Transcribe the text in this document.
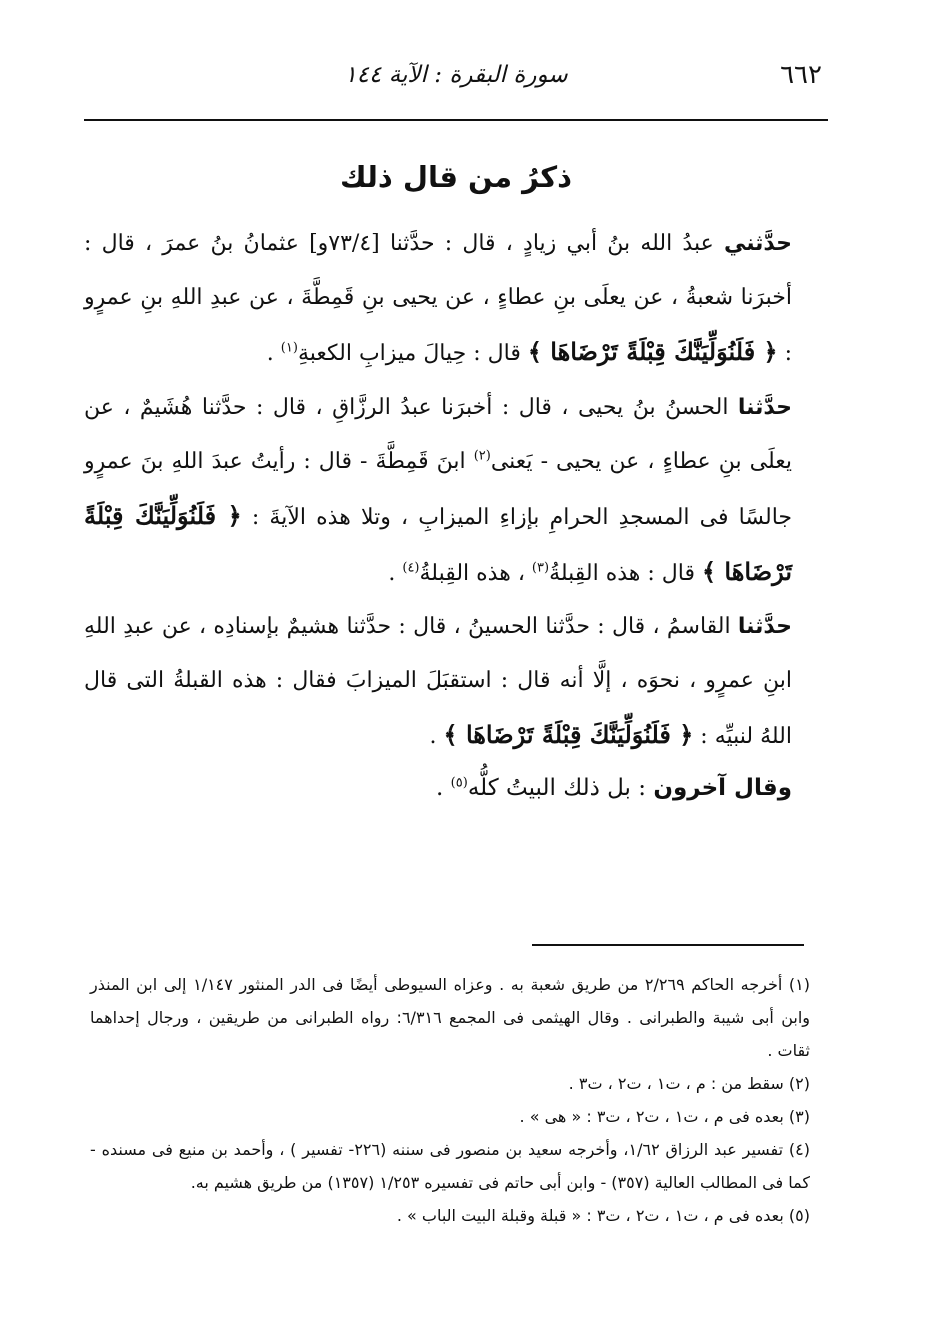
٦٦٢
سورة البقرة : الآية ١٤٤
ذكرُ من قال ذلك

حدَّثني عبدُ الله بنُ أبي زيادٍ ، قال : حدَّثنا [٧٣/٤و] عثمانُ بنُ عمرَ ، قال : أخبرَنا شعبةُ ، عن يعلَى بنِ عطاءٍ ، عن يحيى بنِ قَمِطَّةَ ، عن عبدِ اللهِ بنِ عمرٍو : ﴿ فَلَنُوَلِّيَنَّكَ قِبْلَةً تَرْضَاهَا ﴾ قال : حِيالَ ميزابِ الكعبةِ$^{(١)}$ .

حدَّثنا الحسنُ بنُ يحيى ، قال : أخبرَنا عبدُ الرزَّاقِ ، قال : حدَّثنا هُشَيمٌ ، عن يعلَى بنِ عطاءٍ ، عن يحيى - يَعنى$^{(٢)}$ ابنَ قَمِطَّةَ - قال : رأيتُ عبدَ اللهِ بنَ عمرٍو جالسًا فى المسجدِ الحرامِ بإزاءِ الميزابِ ، وتلا هذه الآيةَ : ﴿ فَلَنُوَلِّيَنَّكَ قِبْلَةً تَرْضَاهَا ﴾ قال : هذه القِبلةُ$^{(٣)}$ ، هذه القِبلةُ$^{(٤)}$ .

حدَّثنا القاسمُ ، قال : حدَّثنا الحسينُ ، قال : حدَّثنا هشيمٌ بإسنادِه ، عن عبدِ اللهِ ابنِ عمرٍو ، نحوَه ، إلَّا أنه قال : استقبَلَ الميزابَ فقال : هذه القبلةُ التى قال اللهُ لنبيِّه : ﴿ فَلَنُوَلِّيَنَّكَ قِبْلَةً تَرْضَاهَا ﴾ .

وقال آخرون : بل ذلك البيتُ كلُّه$^{(٥)}$ .

(١) أخرجه الحاكم ٢/٢٦٩ من طريق شعبة به . وعزاه السيوطى أيضًا فى الدر المنثور ١/١٤٧ إلى ابن المنذر وابن أبى شيبة والطبرانى . وقال الهيثمى فى المجمع ٦/٣١٦: رواه الطبرانى من طريقين ، ورجال إحداهما ثقات .

(٢) سقط من : م ، ت١ ، ت٢ ، ت٣ .

(٣) بعده فى م ، ت١ ، ت٢ ، ت٣ : « هى » .

(٤) تفسير عبد الرزاق ١/٦٢، وأخرجه سعيد بن منصور فى سننه (٢٢٦- تفسير ) ، وأحمد بن منيع فى مسنده - كما فى المطالب العالية (٣٥٧) - وابن أبى حاتم فى تفسيره ١/٢٥٣ (١٣٥٧) من طريق هشيم به.

(٥) بعده فى م ، ت١ ، ت٢ ، ت٣ : « قبلة وقبلة البيت الباب » .
